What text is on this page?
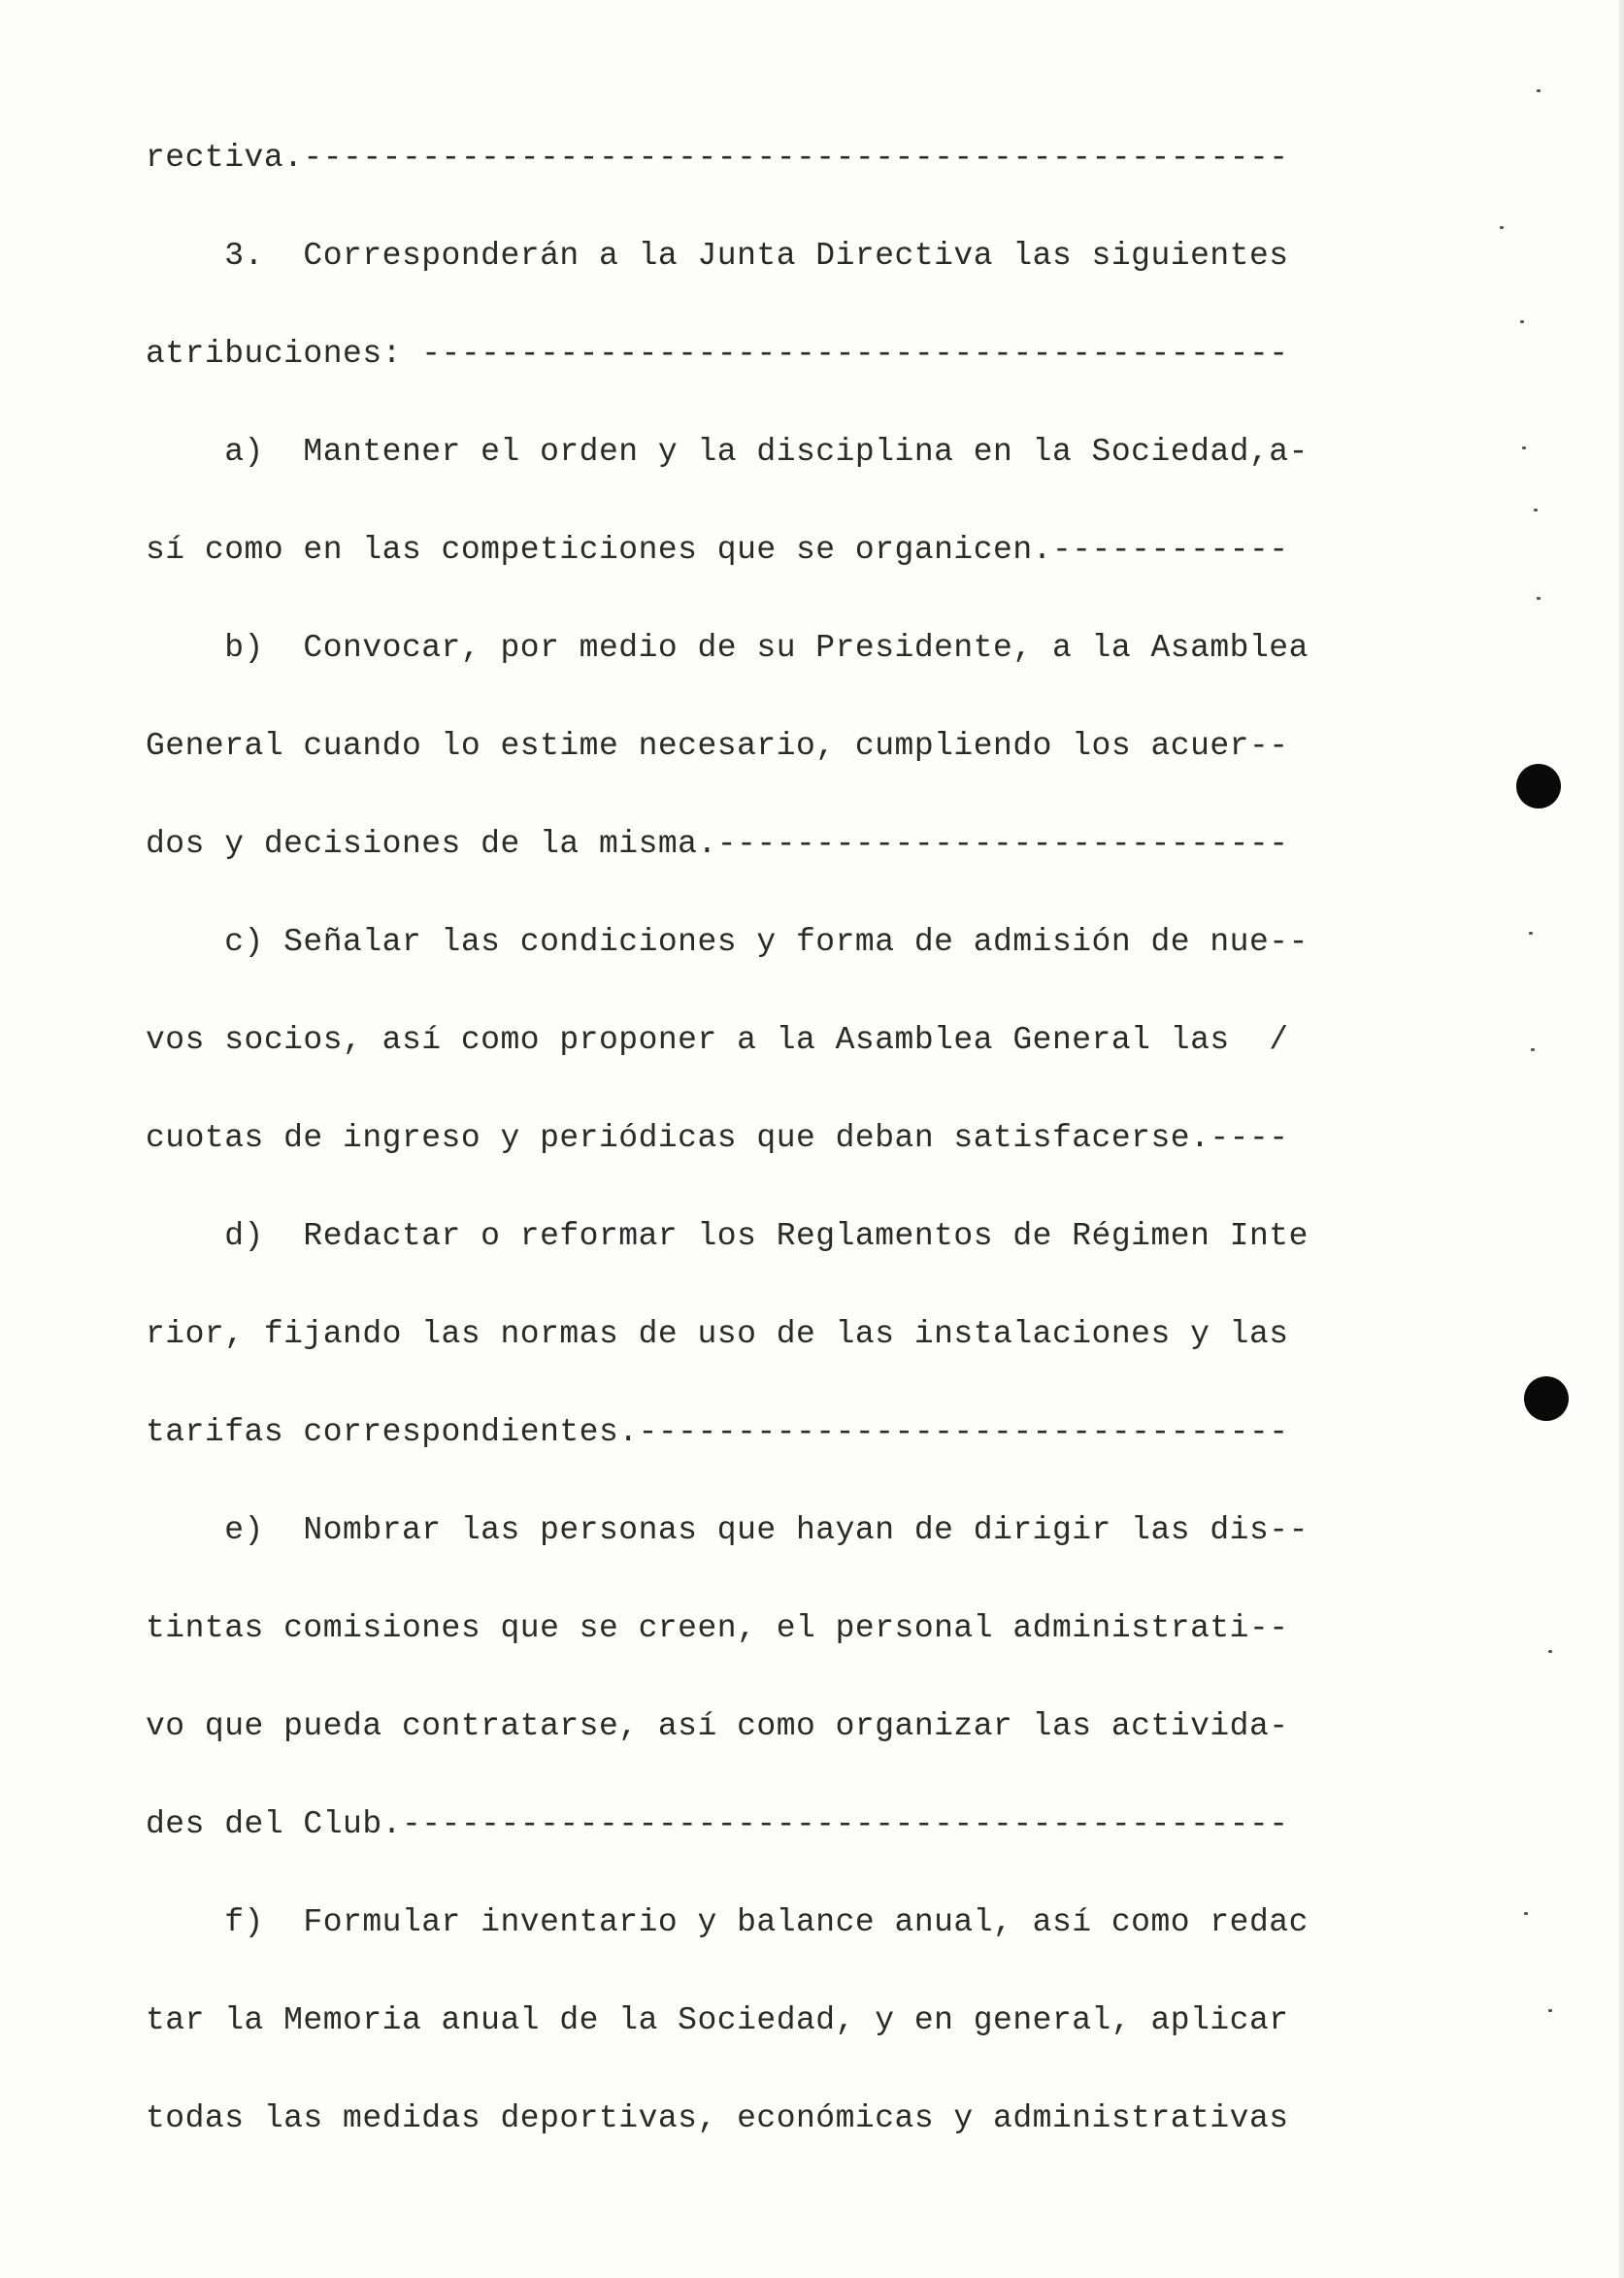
rectiva.--------------------------------------------------
3.  Corresponderán a la Junta Directiva las siguientes
atribuciones: --------------------------------------------
a)  Mantener el orden y la disciplina en la Sociedad,a-
sí como en las competiciones que se organicen.------------
b)  Convocar, por medio de su Presidente, a la Asamblea
General cuando lo estime necesario, cumpliendo los acuer--
dos y decisiones de la misma.-----------------------------
c) Señalar las condiciones y forma de admisión de nue--
vos socios, así como proponer a la Asamblea General las  /
cuotas de ingreso y periódicas que deban satisfacerse.----
d)  Redactar o reformar los Reglamentos de Régimen Inte
rior, fijando las normas de uso de las instalaciones y las
tarifas correspondientes.---------------------------------
e)  Nombrar las personas que hayan de dirigir las dis--
tintas comisiones que se creen, el personal administrati--
vo que pueda contratarse, así como organizar las activida-
des del Club.---------------------------------------------
f)  Formular inventario y balance anual, así como redac
tar la Memoria anual de la Sociedad, y en general, aplicar
todas las medidas deportivas, económicas y administrativas
